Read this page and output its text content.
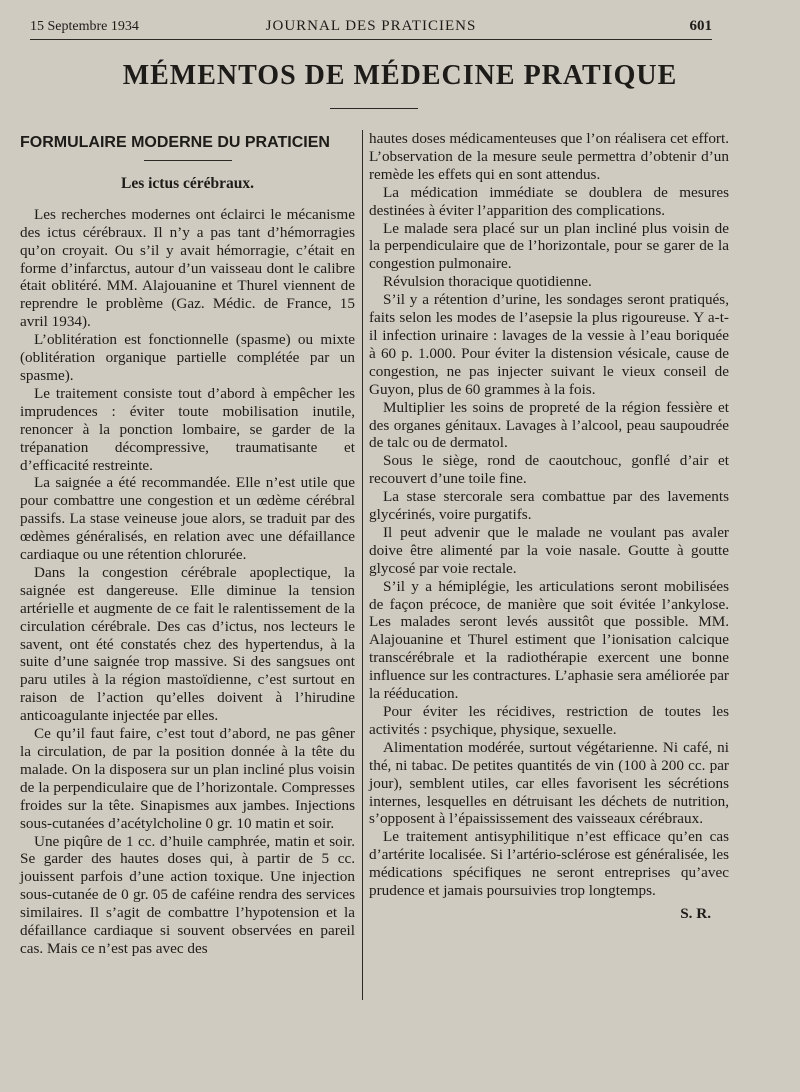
15 Septembre 1934	JOURNAL DES PRATICIENS	601
MÉMENTOS DE MÉDECINE PRATIQUE
FORMULAIRE MODERNE DU PRATICIEN
Les ictus cérébraux.

Les recherches modernes ont éclairci le mécanisme des ictus cérébraux. Il n’y a pas tant d’hémorragies qu’on croyait. Ou s’il y avait hémorragie, c’était en forme d’infarctus, autour d’un vaisseau dont le calibre était oblitéré. MM. Alajouanine et Thurel viennent de reprendre le problème (Gaz. Médic. de France, 15 avril 1934).

L’oblitération est fonctionnelle (spasme) ou mixte (oblitération organique partielle complétée par un spasme).

Le traitement consiste tout d’abord à empêcher les imprudences : éviter toute mobilisation inutile, renoncer à la ponction lombaire, se garder de la trépanation décompressive, traumatisante et d’efficacité restreinte.

La saignée a été recommandée. Elle n’est utile que pour combattre une congestion et un œdème cérébral passifs. La stase veineuse joue alors, se traduit par des œdèmes généralisés, en relation avec une défaillance cardiaque ou une rétention chlorurée.

Dans la congestion cérébrale apoplectique, la saignée est dangereuse. Elle diminue la tension artérielle et augmente de ce fait le ralentissement de la circulation cérébrale. Des cas d’ictus, nos lecteurs le savent, ont été constatés chez des hypertendus, à la suite d’une saignée trop massive. Si des sangsues ont paru utiles à la région mastoïdienne, c’est surtout en raison de l’action qu’elles doivent à l’hirudine anticoagulante injectée par elles.

Ce qu’il faut faire, c’est tout d’abord, ne pas gêner la circulation, de par la position donnée à la tête du malade. On la disposera sur un plan incliné plus voisin de la perpendiculaire que de l’horizontale. Compresses froides sur la tête. Sinapismes aux jambes. Injections sous-cutanées d’acétylcholine 0 gr. 10 matin et soir.

Une piqûre de 1 cc. d’huile camphrée, matin et soir. Se garder des hautes doses qui, à partir de 5 cc. jouissent parfois d’une action toxique. Une injection sous-cutanée de 0 gr. 05 de caféine rendra des services similaires. Il s’agit de combattre l’hypotension et la défaillance cardiaque si souvent observées en pareil cas. Mais ce n’est pas avec des

hautes doses médicamenteuses que l’on réalisera cet effort. L’observation de la mesure seule permettra d’obtenir d’un remède les effets qui en sont attendus.

La médication immédiate se doublera de mesures destinées à éviter l’apparition des complications.

Le malade sera placé sur un plan incliné plus voisin de la perpendiculaire que de l’horizontale, pour se garer de la congestion pulmonaire.

Révulsion thoracique quotidienne.

S’il y a rétention d’urine, les sondages seront pratiqués, faits selon les modes de l’asepsie la plus rigoureuse. Y a-t-il infection urinaire : lavages de la vessie à l’eau boriquée à 60 p. 1.000. Pour éviter la distension vésicale, cause de congestion, ne pas injecter suivant le vieux conseil de Guyon, plus de 60 grammes à la fois.

Multiplier les soins de propreté de la région fessière et des organes génitaux. Lavages à l’alcool, peau saupoudrée de talc ou de dermatol.

Sous le siège, rond de caoutchouc, gonflé d’air et recouvert d’une toile fine.

La stase stercorale sera combattue par des lavements glycérinés, voire purgatifs.

Il peut advenir que le malade ne voulant pas avaler doive être alimenté par la voie nasale. Goutte à goutte glycosé par voie rectale.

S’il y a hémiplégie, les articulations seront mobilisées de façon précoce, de manière que soit évitée l’ankylose. Les malades seront levés aussitôt que possible. MM. Alajouanine et Thurel estiment que l’ionisation calcique transcérébrale et la radiothérapie exercent une bonne influence sur les contractures. L’aphasie sera améliorée par la rééducation.

Pour éviter les récidives, restriction de toutes les activités : psychique, physique, sexuelle.

Alimentation modérée, surtout végétarienne. Ni café, ni thé, ni tabac. De petites quantités de vin (100 à 200 cc. par jour), semblent utiles, car elles favorisent les sécrétions internes, lesquelles en détruisant les déchets de nutrition, s’opposent à l’épaississement des vaisseaux cérébraux.

Le traitement antisyphilitique n’est efficace qu’en cas d’artérite localisée. Si l’artério-sclérose est généralisée, les médications spécifiques ne seront entreprises qu’avec prudence et jamais poursuivies trop longtemps.

S. R.
